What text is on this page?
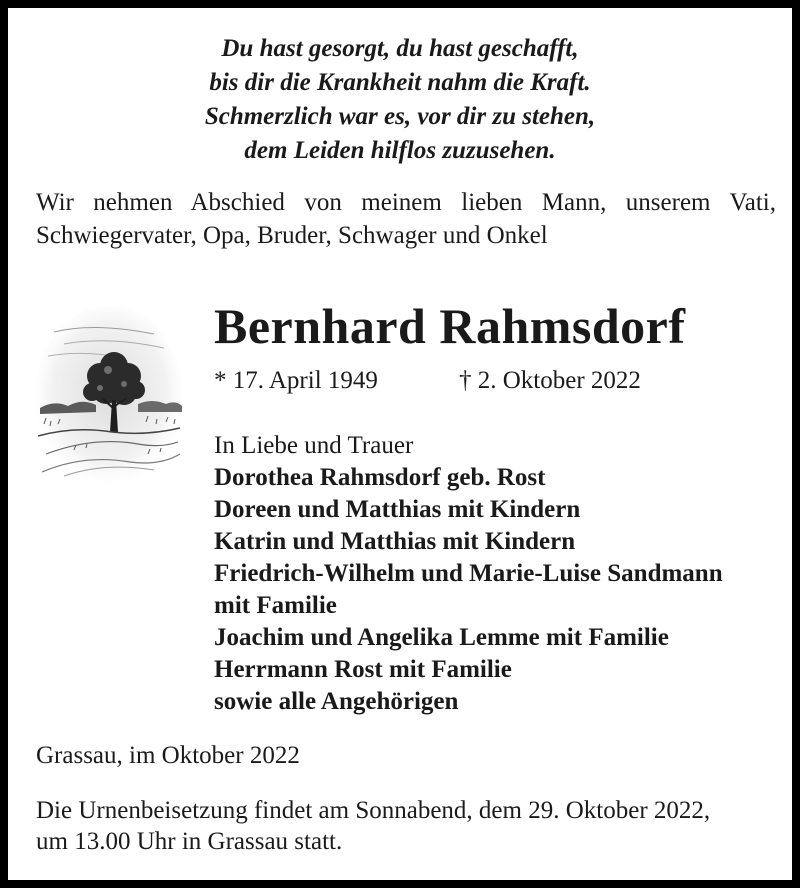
Du hast gesorgt, du hast geschafft,
bis dir die Krankheit nahm die Kraft.
Schmerzlich war es, vor dir zu stehen,
dem Leiden hilflos zuzusehen.
Wir nehmen Abschied von meinem lieben Mann, unserem Vati,
Schwiegervater, Opa, Bruder, Schwager und Onkel
Bernhard Rahmsdorf
* 17. April 1949	† 2. Oktober 2022
In Liebe und Trauer
Dorothea Rahmsdorf geb. Rost
Doreen und Matthias mit Kindern
Katrin und Matthias mit Kindern
Friedrich-Wilhelm und Marie-Luise Sandmann
mit Familie
Joachim und Angelika Lemme mit Familie
Herrmann Rost mit Familie
sowie alle Angehörigen
Grassau, im Oktober 2022
Die Urnenbeisetzung findet am Sonnabend, dem 29. Oktober 2022,
um 13.00 Uhr in Grassau statt.
